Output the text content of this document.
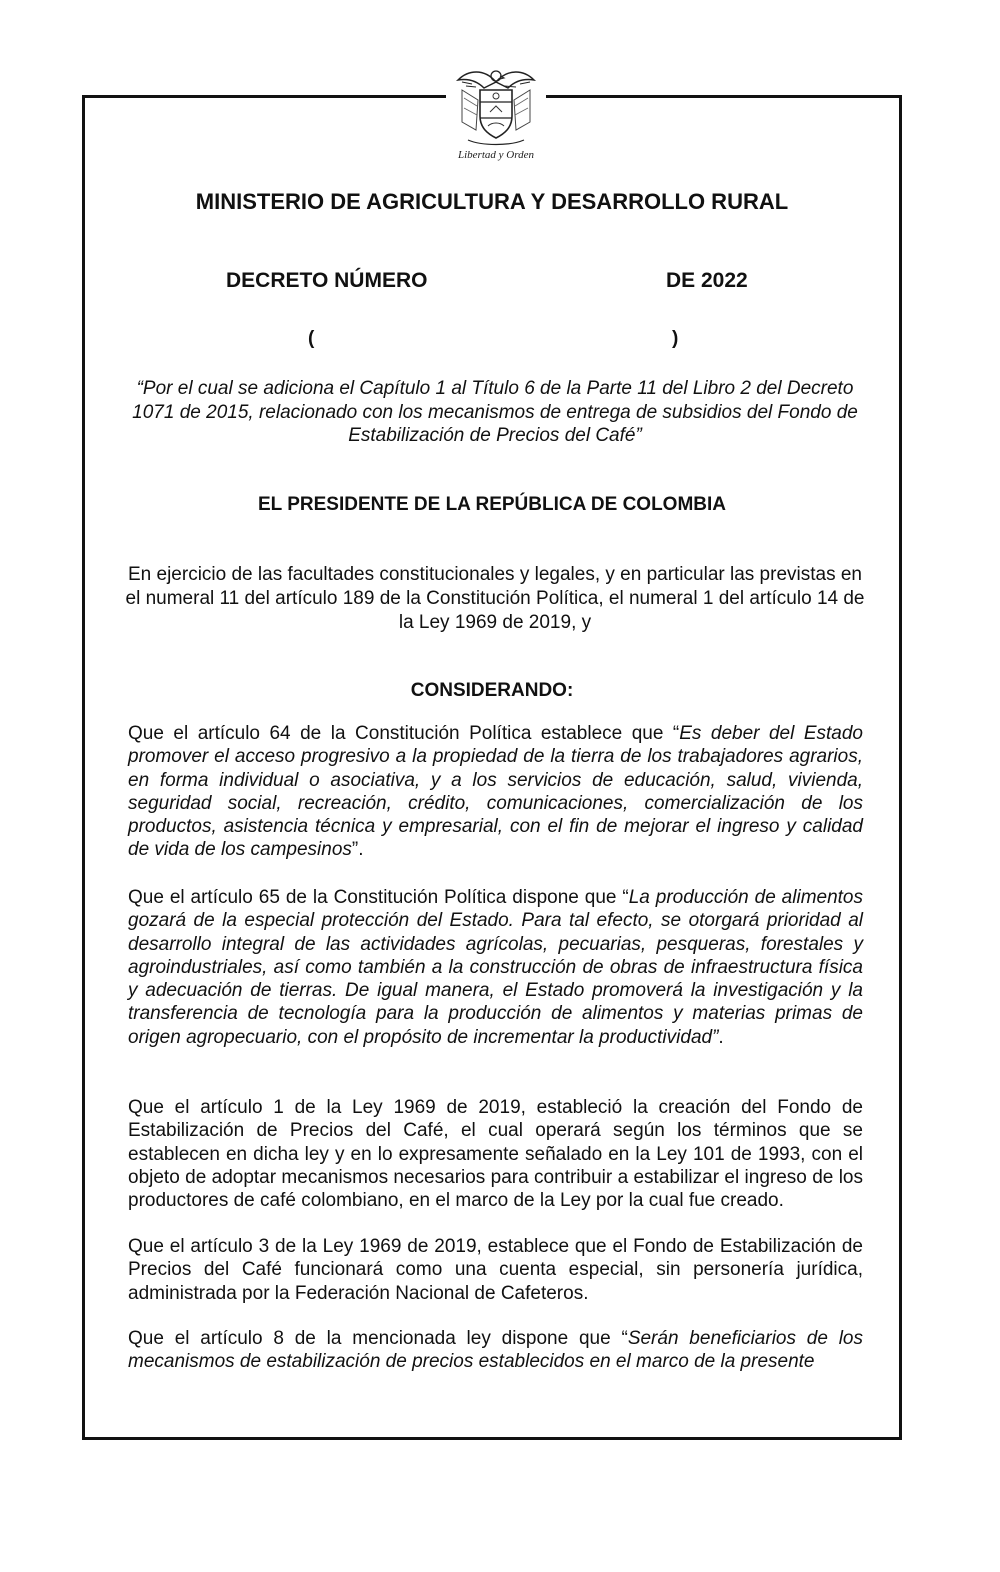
Libertad y Orden
MINISTERIO DE AGRICULTURA Y DESARROLLO RURAL
DECRETO NÚMERO	DE 2022
(	)
“Por el cual se adiciona el Capítulo 1 al Título 6 de la Parte 11 del Libro 2 del Decreto 1071 de 2015, relacionado con los mecanismos de entrega de subsidios del Fondo de Estabilización de Precios del Café”
EL PRESIDENTE DE LA REPÚBLICA DE COLOMBIA
En ejercicio de las facultades constitucionales y legales, y en particular las previstas en el numeral 11 del artículo 189 de la Constitución Política, el numeral 1 del artículo 14 de la Ley 1969 de 2019, y
CONSIDERANDO:

Que el artículo 64 de la Constitución Política establece que “Es deber del Estado promover el acceso progresivo a la propiedad de la tierra de los trabajadores agrarios, en forma individual o asociativa, y a los servicios de educación, salud, vivienda, seguridad social, recreación, crédito, comunicaciones, comercialización de los productos, asistencia técnica y empresarial, con el fin de mejorar el ingreso y calidad de vida de los campesinos”.

Que el artículo 65 de la Constitución Política dispone que “La producción de alimentos gozará de la especial protección del Estado. Para tal efecto, se otorgará prioridad al desarrollo integral de las actividades agrícolas, pecuarias, pesqueras, forestales y agroindustriales, así como también a la construcción de obras de infraestructura física y adecuación de tierras. De igual manera, el Estado promoverá la investigación y la transferencia de tecnología para la producción de alimentos y materias primas de origen agropecuario, con el propósito de incrementar la productividad”.

Que el artículo 1 de la Ley 1969 de 2019, estableció la creación del Fondo de Estabilización de Precios del Café, el cual operará según los términos que se establecen en dicha ley y en lo expresamente señalado en la Ley 101 de 1993, con el objeto de adoptar mecanismos necesarios para contribuir a estabilizar el ingreso de los productores de café colombiano, en el marco de la Ley por la cual fue creado.

Que el artículo 3 de la Ley 1969 de 2019, establece que el Fondo de Estabilización de Precios del Café funcionará como una cuenta especial, sin personería jurídica, administrada por la Federación Nacional de Cafeteros.

Que el artículo 8 de la mencionada ley dispone que “Serán beneficiarios de los mecanismos de estabilización de precios establecidos en el marco de la presente
